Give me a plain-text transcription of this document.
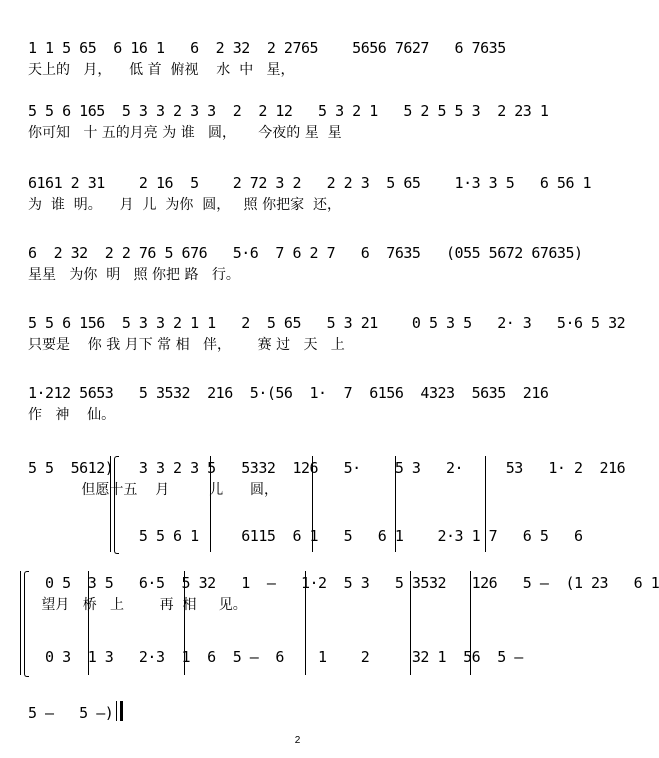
1 1 5 65  6 16 1   6  2 32  2 2765    5656 7627   6 7635
天上的   月，    低 首  俯视    水  中   星，
5 5 6 165  5 3 3 2 3 3  2  2 12   5 3 2 1   5 2 5 5 3  2 23 1
你可知   十 五的月亮 为 谁   圆，     今夜的 星  星
6161 2 31    2 16  5    2 72 3 2   2 2 3  5 65    1·3 3 5   6 56 1
为  谁  明。    月  儿  为你  圆，   照 你把家  还，
6  2 32  2 2 76 5 676   5·6  7 6 2 7   6  7635   (055 5672 67635)
星星   为你  明   照 你把 路   行。
5 5 6 156  5 3 3 2 1 1   2  5 65   5 3 21    0 5 3 5   2· 3   5·6 5 32
只要是    你 我 月下 常 相   伴，      赛 过   天   上
1·212 5653   5 3532  216  5·(56  1·  7  6156  4323  5635  216
作   神    仙。
5 5  5612)   3 3 2 3 5   5332  126   5·    5 3   2·     53   1· 2  216
但愿十五    月         儿      圆，
5 5 6 1     6115  6 1   5   6 1    2·3 1 7   6 5   6
0 5  3 5   6·5  5 32   1  —   1·2  5 3   5 3532   126   5 —  (1 23   6 1
望月   桥   上        再  相     见。
0 3  1 3   2·3  1  6  5 —  6    1    2     32 1  56  5 —
5 —   5 —)
2
